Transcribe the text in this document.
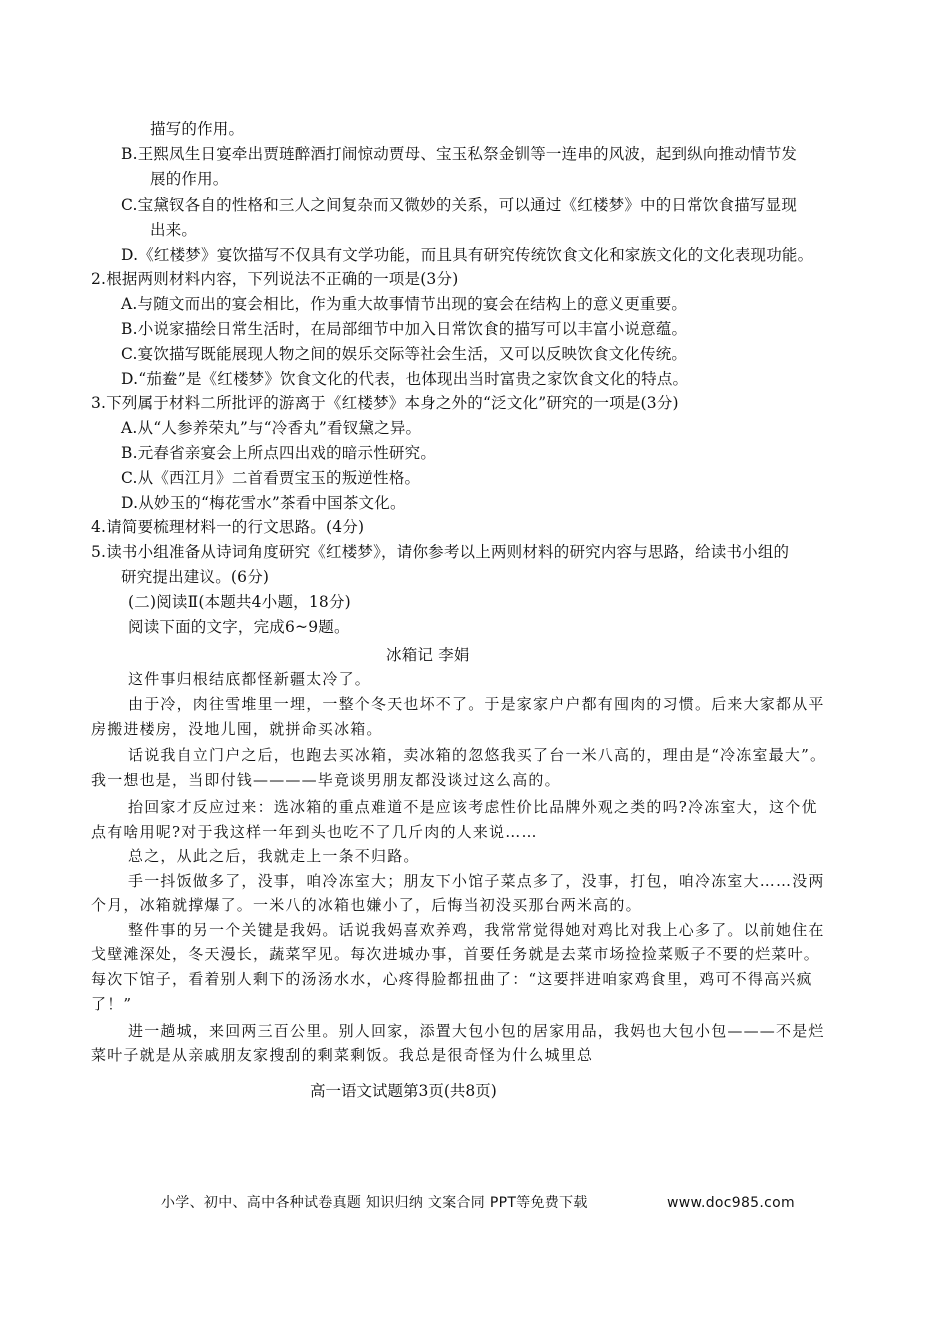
描写的作用。
B.王熙凤生日宴牵出贾琏醉酒打闹惊动贾母、宝玉私祭金钏等一连串的风波，起到纵向推动情节发
展的作用。
C.宝黛钗各自的性格和三人之间复杂而又微妙的关系，可以通过《红楼梦》中的日常饮食描写显现
出来。
D.《红楼梦》宴饮描写不仅具有文学功能，而且具有研究传统饮食文化和家族文化的文化表现功能。
2.根据两则材料内容，下列说法不正确的一项是(3分)
A.与随文而出的宴会相比，作为重大故事情节出现的宴会在结构上的意义更重要。
B.小说家描绘日常生活时，在局部细节中加入日常饮食的描写可以丰富小说意蕴。
C.宴饮描写既能展现人物之间的娱乐交际等社会生活，又可以反映饮食文化传统。
D.“茄鲞”是《红楼梦》饮食文化的代表，也体现出当时富贵之家饮食文化的特点。
3.下列属于材料二所批评的游离于《红楼梦》本身之外的“泛文化”研究的一项是(3分)
A.从“人参养荣丸”与“冷香丸”看钗黛之异。
B.元春省亲宴会上所点四出戏的暗示性研究。
C.从《西江月》二首看贾宝玉的叛逆性格。
D.从妙玉的“梅花雪水”茶看中国茶文化。
4.请简要梳理材料一的行文思路。(4分)
5.读书小组准备从诗词角度研究《红楼梦》，请你参考以上两则材料的研究内容与思路，给读书小组的
研究提出建议。(6分)
(二)阅读Ⅱ(本题共4小题，18分)
阅读下面的文字，完成6~9题。
冰箱记 李娟
这件事归根结底都怪新疆太冷了。
由于冷，肉往雪堆里一埋，一整个冬天也坏不了。于是家家户户都有囤肉的习惯。后来大家都从平
房搬进楼房，没地儿囤，就拼命买冰箱。
话说我自立门户之后，也跑去买冰箱，卖冰箱的忽悠我买了台一米八高的，理由是“冷冻室最大”。
我一想也是，当即付钱————毕竟谈男朋友都没谈过这么高的。
抬回家才反应过来：选冰箱的重点难道不是应该考虑性价比品牌外观之类的吗?冷冻室大，这个优
点有啥用呢?对于我这样一年到头也吃不了几斤肉的人来说……
总之，从此之后，我就走上一条不归路。
手一抖饭做多了，没事，咱冷冻室大；朋友下小馆子菜点多了，没事，打包，咱冷冻室大……没两
个月，冰箱就撑爆了。一米八的冰箱也嫌小了，后悔当初没买那台两米高的。
整件事的另一个关键是我妈。话说我妈喜欢养鸡，我常常觉得她对鸡比对我上心多了。以前她住在
戈壁滩深处，冬天漫长，蔬菜罕见。每次进城办事，首要任务就是去菜市场捡捡菜贩子不要的烂菜叶。
每次下馆子，看着别人剩下的汤汤水水，心疼得脸都扭曲了：“这要拌进咱家鸡食里，鸡可不得高兴疯
了！”
进一趟城，来回两三百公里。别人回家，添置大包小包的居家用品，我妈也大包小包———不是烂
菜叶子就是从亲戚朋友家搜刮的剩菜剩饭。我总是很奇怪为什么城里总
高一语文试题第3页(共8页)
小学、初中、高中各种试卷真题 知识归纳 文案合同 PPT等免费下载	www.doc985.com
